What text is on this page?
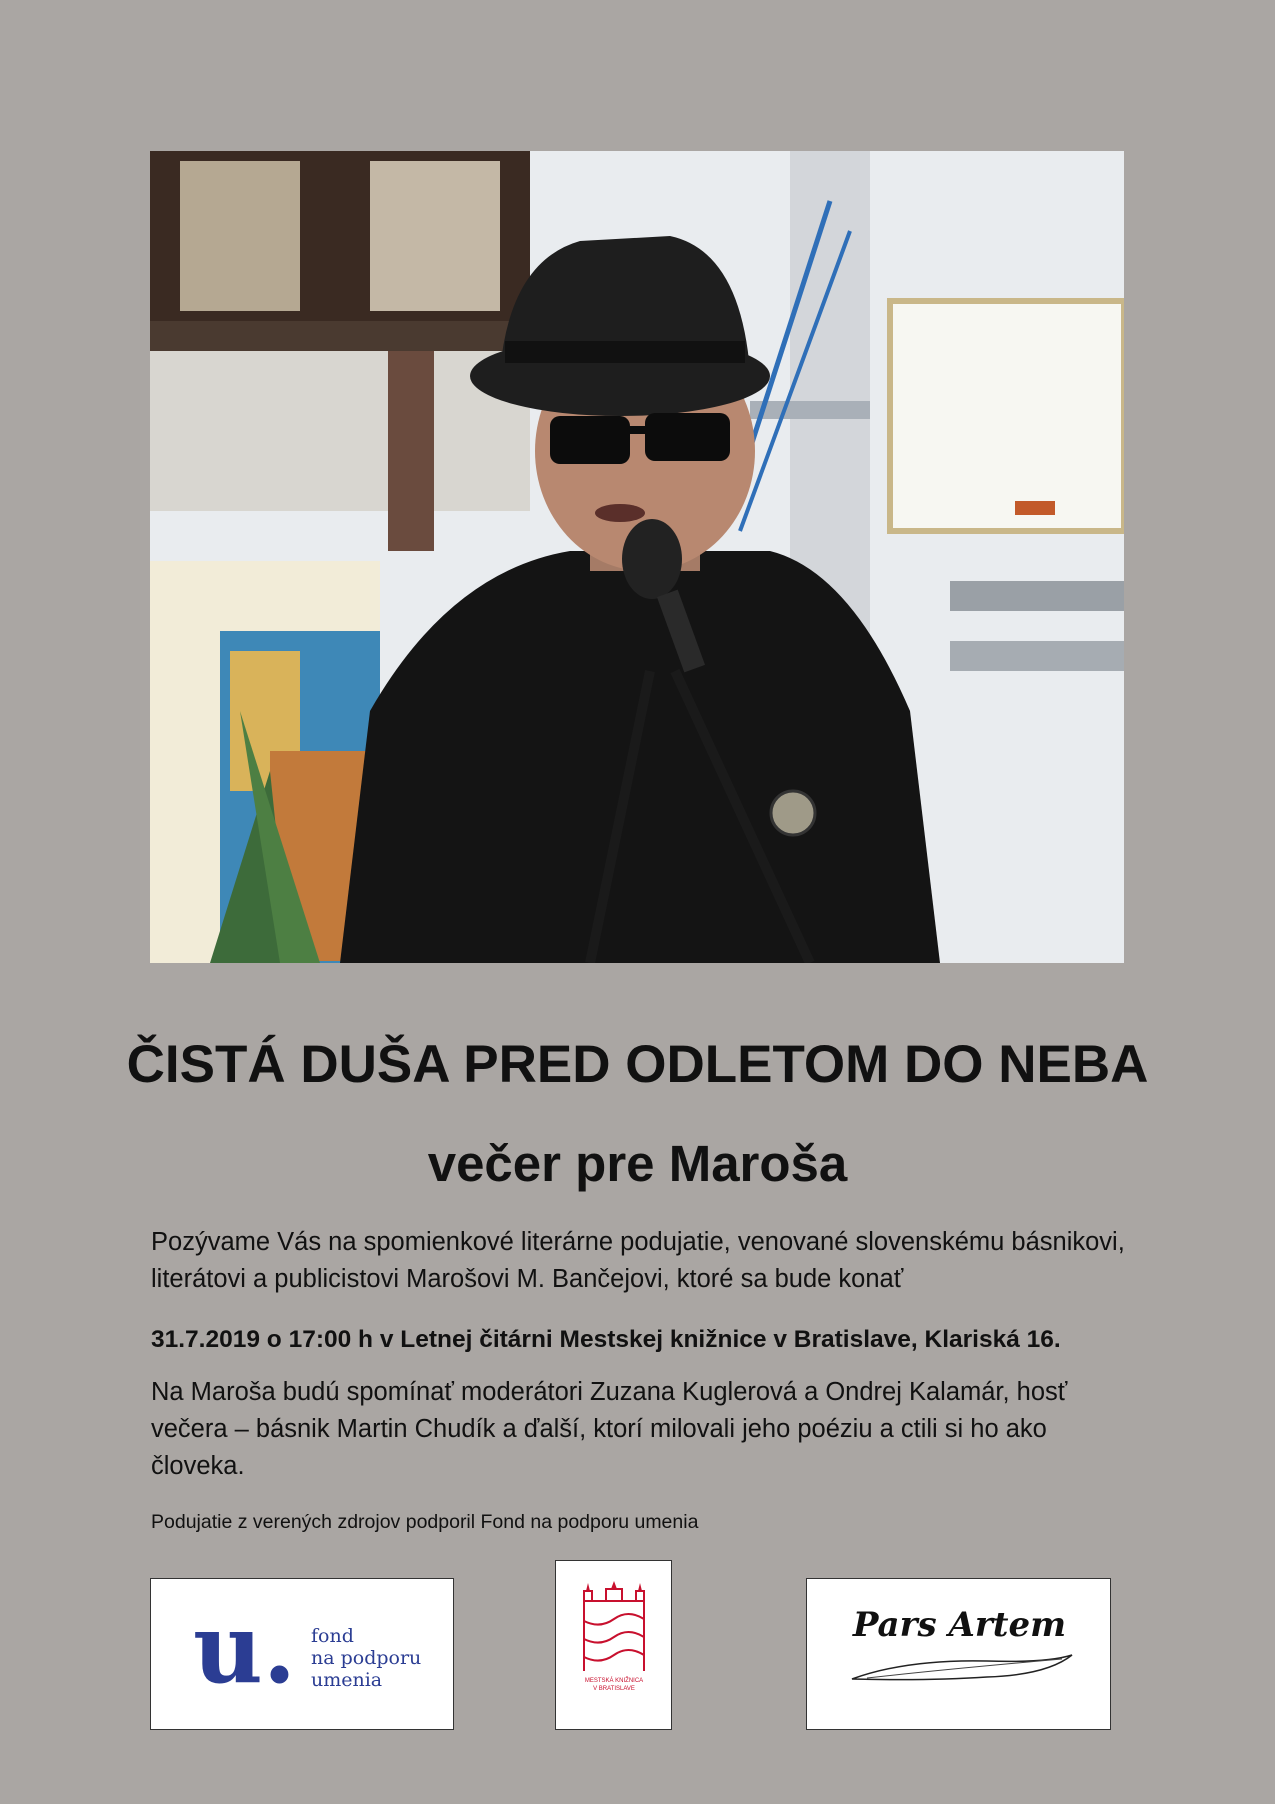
ČISTÁ DUŠA PRED ODLETOM DO NEBA
večer pre Maroša

Pozývame Vás na spomienkové literárne podujatie, venované slovenskému básnikovi, literátovi a publicistovi Marošovi M. Bančejovi, ktoré sa bude konať

31.7.2019 o 17:00 h v Letnej čitárni Mestskej knižnice v Bratislave, Klariská 16.

Na Maroša budú spomínať moderátori Zuzana Kuglerová a Ondrej Kalamár, hosť večera – básnik Martin Chudík a ďalší, ktorí milovali jeho poéziu a ctili si ho ako človeka.

Podujatie z verených zdrojov podporil Fond na podporu umenia

u. fond
na podporu
umenia	MESTSKÁ KNIŽNICA
V BRATISLAVE
Pars Artem
